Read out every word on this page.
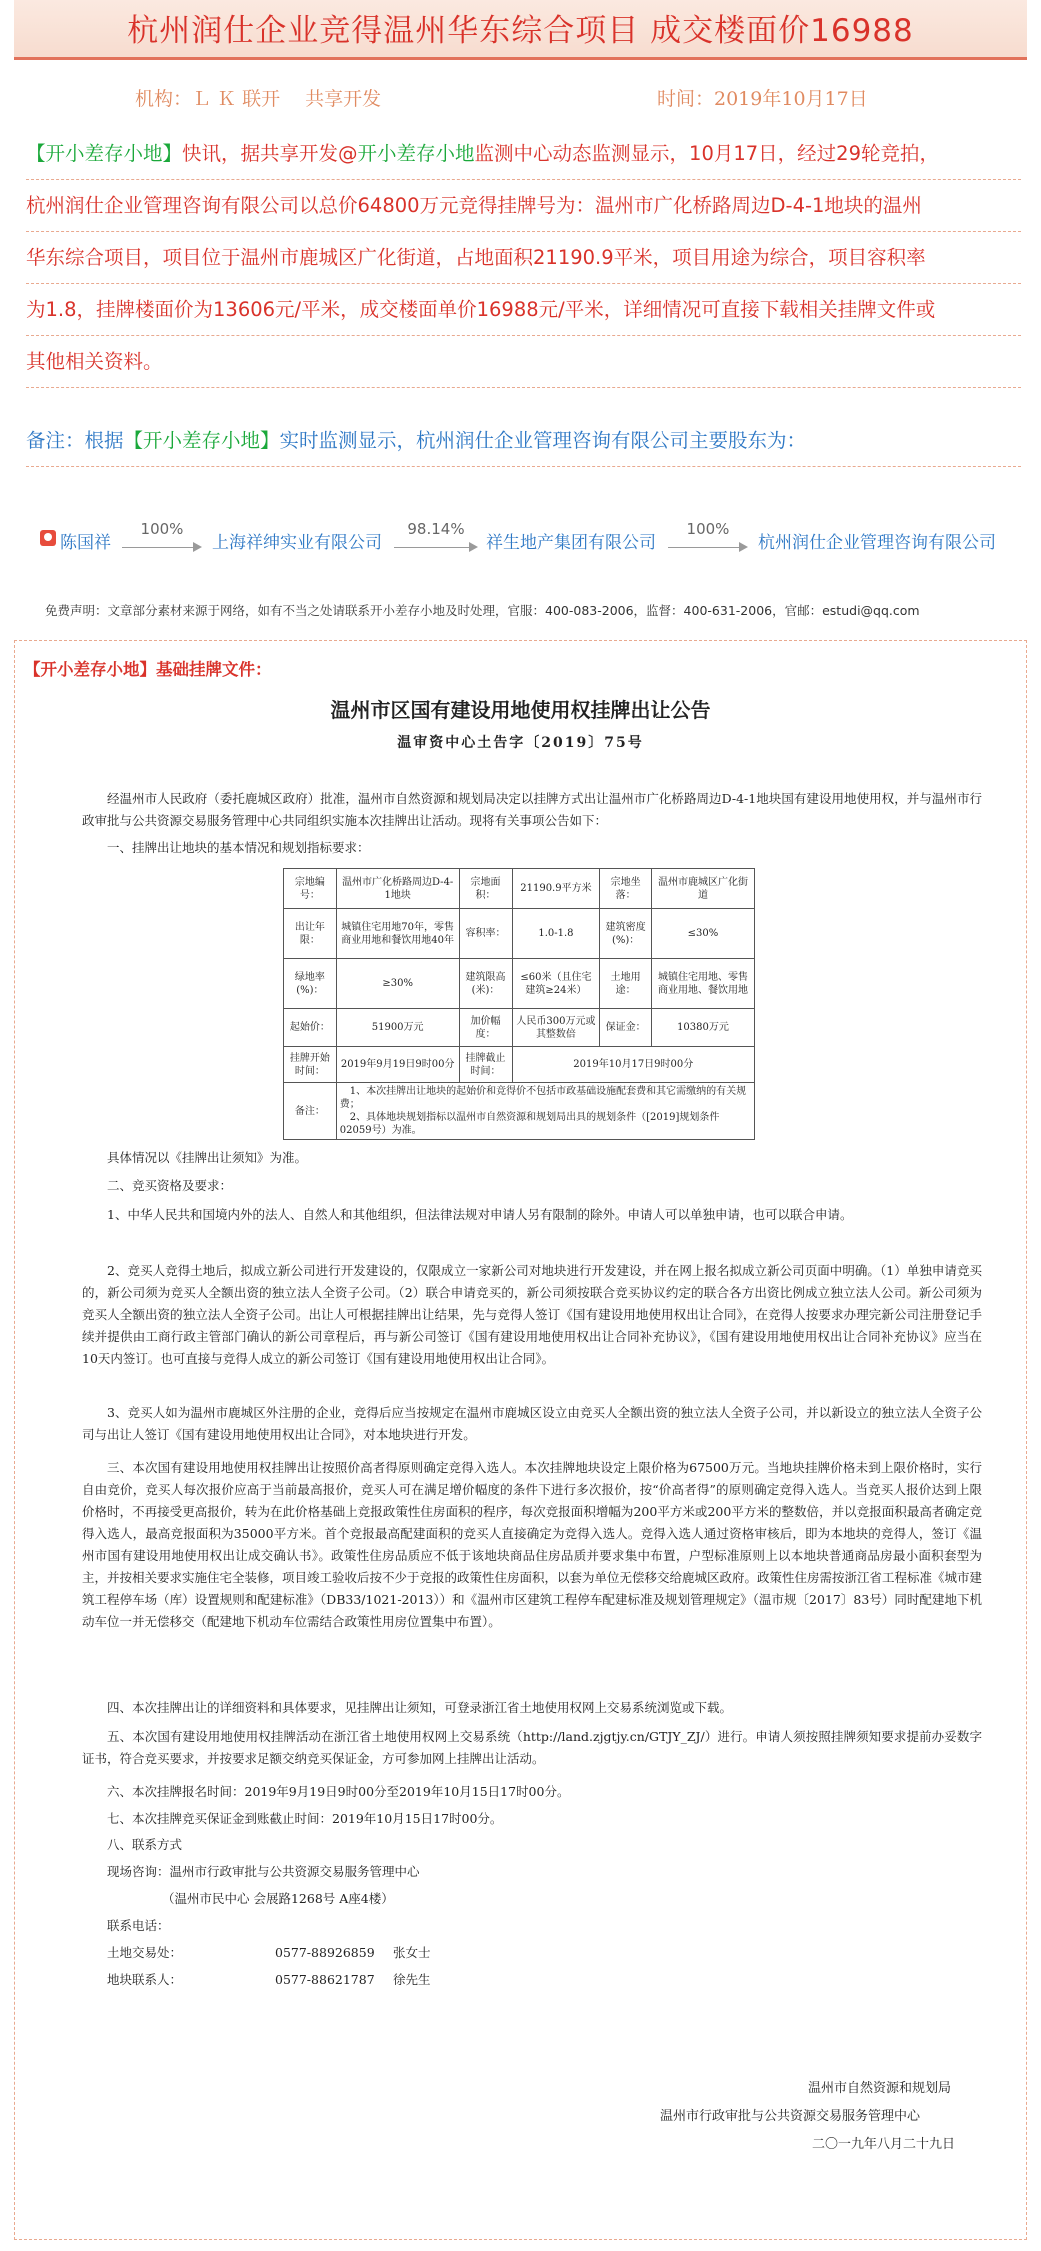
杭州润仕企业竞得温州华东综合项目 成交楼面价16988
机构：Ｌ Ｋ 联开　 共享开发	时间：2019年10月17日
【开小差存小地】快讯，据共享开发@开小差存小地监测中心动态监测显示，10月17日，经过29轮竞拍，
杭州润仕企业管理咨询有限公司以总价64800万元竞得挂牌号为：温州市广化桥路周边D-4-1地块的温州
华东综合项目，项目位于温州市鹿城区广化街道，占地面积21190.9平米，项目用途为综合，项目容积率
为1.8，挂牌楼面价为13606元/平米，成交楼面单价16988元/平米，详细情况可直接下载相关挂牌文件或
其他相关资料。
备注：根据【开小差存小地】实时监测显示，杭州润仕企业管理咨询有限公司主要股东为：
陈国祥
100%
上海祥绅实业有限公司
98.14%
祥生地产集团有限公司
100%
杭州润仕企业管理咨询有限公司
免费声明：文章部分素材来源于网络，如有不当之处请联系开小差存小地及时处理，官服：400-083-2006，监督：400-631-2006，官邮：estudi@qq.com
【开小差存小地】基础挂牌文件：
温州市区国有建设用地使用权挂牌出让公告
温审资中心土告字〔2019〕75号
经温州市人民政府（委托鹿城区政府）批准，温州市自然资源和规划局决定以挂牌方式出让温州市广化桥路周边D-4-1地块国有建设用地使用权，并与温州市行政审批与公共资源交易服务管理中心共同组织实施本次挂牌出让活动。现将有关事项公告如下：
一、挂牌出让地块的基本情况和规划指标要求：
宗地编号：	温州市广化桥路周边D-4-1地块	宗地面积：	21190.9平方米	宗地坐落：	温州市鹿城区广化街道
出让年限：	城镇住宅用地70年，零售商业用地和餐饮用地40年	容积率：	1.0-1.8	建筑密度(%)：	≤30%
绿地率(%)：	≥30%	建筑限高(米)：	≤60米（且住宅建筑≥24米）	土地用途：	城镇住宅用地、零售商业用地、餐饮用地
起始价：	51900万元	加价幅度：	人民币300万元或其整数倍	保证金：	10380万元
挂牌开始时间：	2019年9月19日9时00分	挂牌截止时间：	2019年10月17日9时00分		
备注：	1、本次挂牌出让地块的起始价和竞得价不包括市政基础设施配套费和其它需缴纳的有关规费；
2、具体地块规划指标以温州市自然资源和规划局出具的规划条件（[2019]规划条件02059号）为准。				
具体情况以《挂牌出让须知》为准。
二、竞买资格及要求：
1、中华人民共和国境内外的法人、自然人和其他组织，但法律法规对申请人另有限制的除外。申请人可以单独申请，也可以联合申请。
2、竞买人竞得土地后，拟成立新公司进行开发建设的，仅限成立一家新公司对地块进行开发建设，并在网上报名拟成立新公司页面中明确。（1）单独申请竞买的，新公司须为竞买人全额出资的独立法人全资子公司。（2）联合申请竞买的，新公司须按联合竞买协议约定的联合各方出资比例成立独立法人公司。新公司须为竞买人全额出资的独立法人全资子公司。出让人可根据挂牌出让结果，先与竞得人签订《国有建设用地使用权出让合同》，在竞得人按要求办理完新公司注册登记手续并提供由工商行政主管部门确认的新公司章程后，再与新公司签订《国有建设用地使用权出让合同补充协议》，《国有建设用地使用权出让合同补充协议》应当在10天内签订。也可直接与竞得人成立的新公司签订《国有建设用地使用权出让合同》。
3、竞买人如为温州市鹿城区外注册的企业，竞得后应当按规定在温州市鹿城区设立由竞买人全额出资的独立法人全资子公司，并以新设立的独立法人全资子公司与出让人签订《国有建设用地使用权出让合同》，对本地块进行开发。
三、本次国有建设用地使用权挂牌出让按照价高者得原则确定竞得入选人。本次挂牌地块设定上限价格为67500万元。当地块挂牌价格未到上限价格时，实行自由竞价，竞买人每次报价应高于当前最高报价，竞买人可在满足增价幅度的条件下进行多次报价，按“价高者得”的原则确定竞得入选人。当竞买人报价达到上限价格时，不再接受更高报价，转为在此价格基础上竞报政策性住房面积的程序，每次竞报面积增幅为200平方米或200平方米的整数倍，并以竞报面积最高者确定竞得入选人，最高竞报面积为35000平方米。首个竞报最高配建面积的竞买人直接确定为竞得入选人。竞得入选人通过资格审核后，即为本地块的竞得人，签订《温州市国有建设用地使用权出让成交确认书》。政策性住房品质应不低于该地块商品住房品质并要求集中布置，户型标准原则上以本地块普通商品房最小面积套型为主，并按相关要求实施住宅全装修，项目竣工验收后按不少于竞报的政策性住房面积，以套为单位无偿移交给鹿城区政府。政策性住房需按浙江省工程标准《城市建筑工程停车场（库）设置规则和配建标准》（DB33/1021-2013））和《温州市区建筑工程停车配建标准及规划管理规定》（温市规〔2017〕83号）同时配建地下机动车位一并无偿移交（配建地下机动车位需结合政策性用房位置集中布置）。
四、本次挂牌出让的详细资料和具体要求，见挂牌出让须知，可登录浙江省土地使用权网上交易系统浏览或下载。
五、本次国有建设用地使用权挂牌活动在浙江省土地使用权网上交易系统（http://land.zjgtjy.cn/GTJY_ZJ/）进行。申请人须按照挂牌须知要求提前办妥数字证书，符合竞买要求，并按要求足额交纳竞买保证金，方可参加网上挂牌出让活动。
六、本次挂牌报名时间：2019年9月19日9时00分至2019年10月15日17时00分。
七、本次挂牌竞买保证金到账截止时间：2019年10月15日17时00分。
八、联系方式
现场咨询：温州市行政审批与公共资源交易服务管理中心
（温州市民中心 会展路1268号 A座4楼）
联系电话：
土地交易处：	0577-88926859 张女士
地块联系人：	0577-88621787 徐先生
温州市自然资源和规划局
温州市行政审批与公共资源交易服务管理中心
二〇一九年八月二十九日
